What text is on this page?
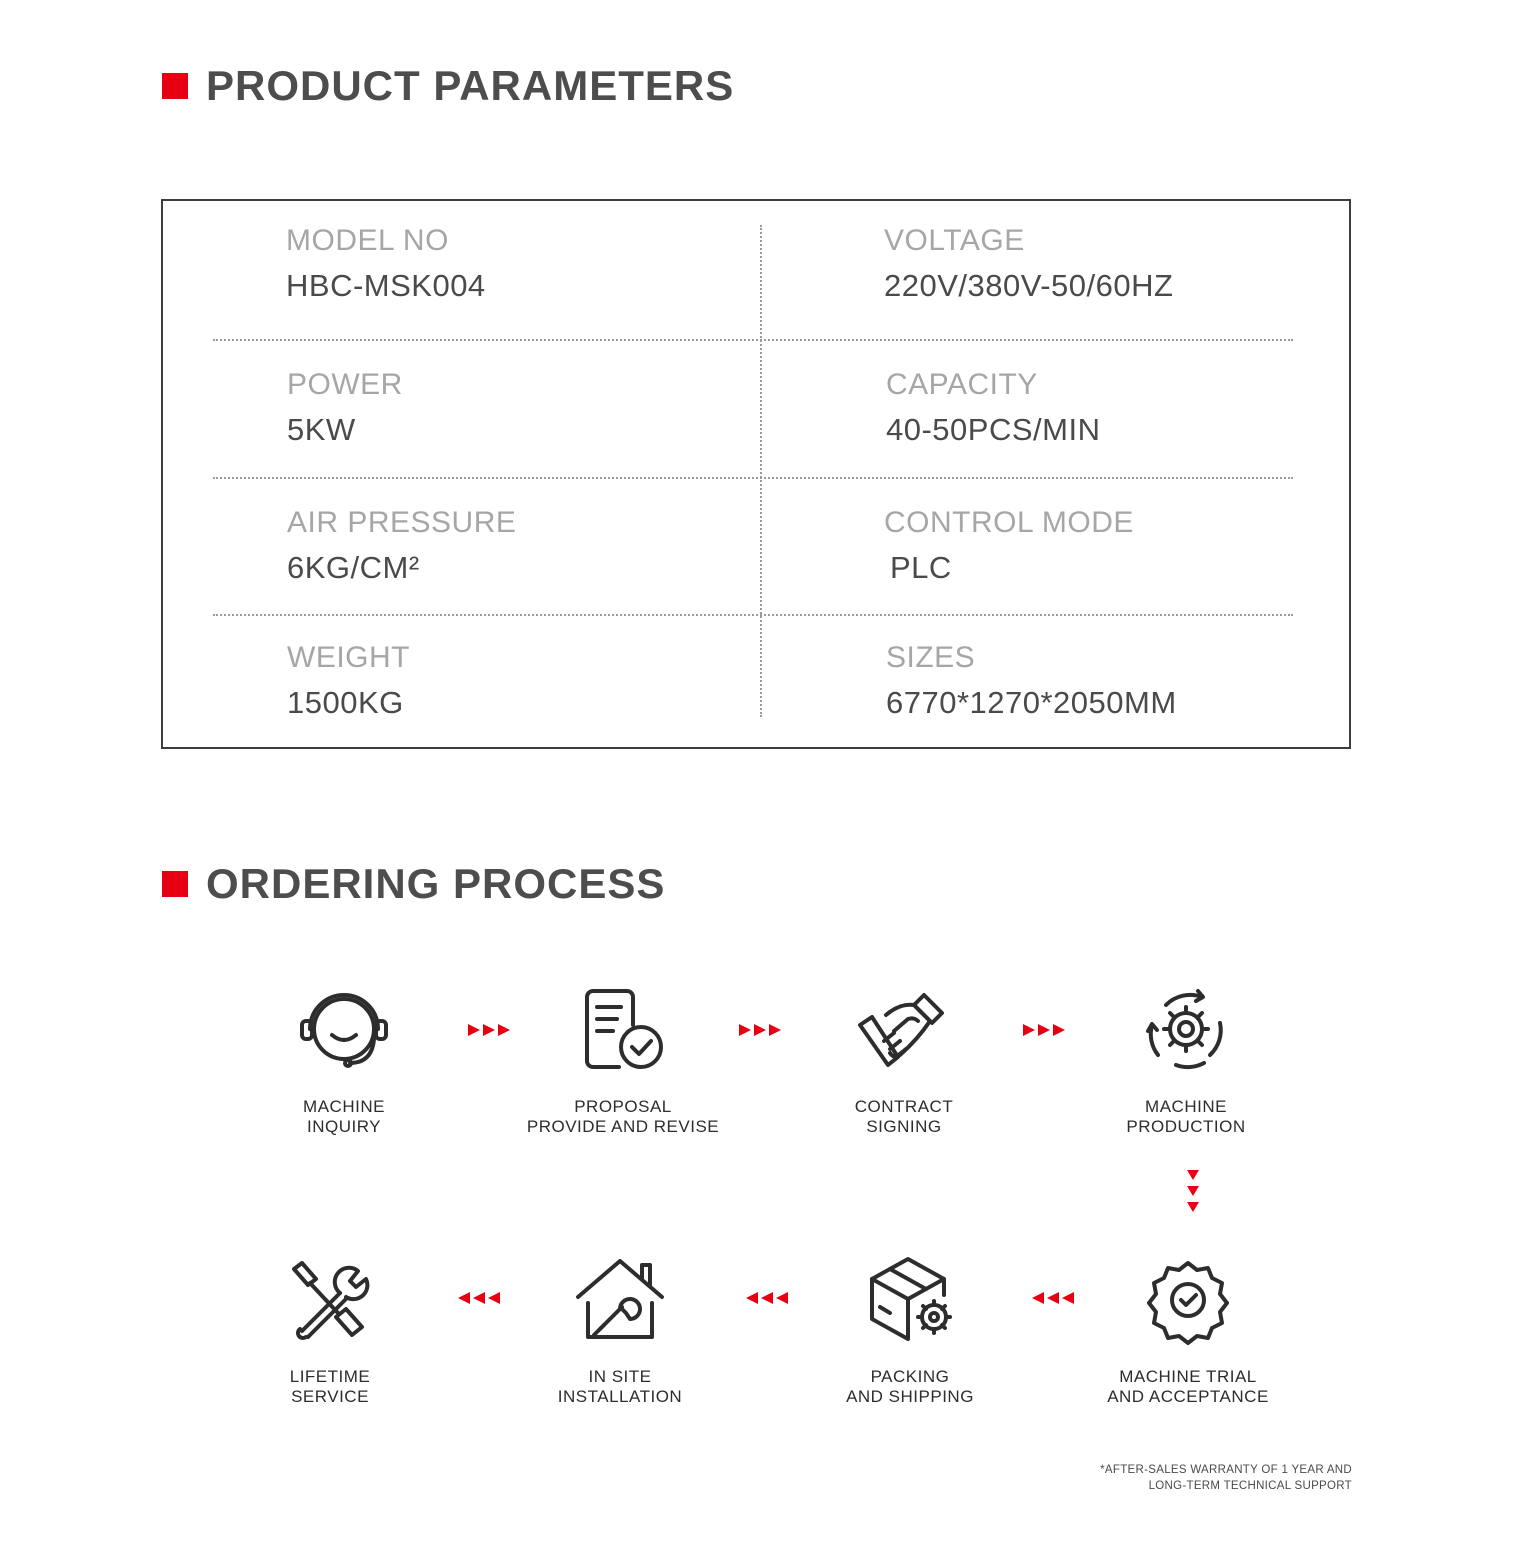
PRODUCT PARAMETERS
MODEL NO
HBC-MSK004
VOLTAGE
220V/380V-50/60HZ
POWER
5KW
CAPACITY
40-50PCS/MIN
AIR PRESSURE
6KG/CM²
CONTROL MODE
PLC
WEIGHT
1500KG
SIZES
6770*1270*2050MM
ORDERING PROCESS
MACHINE
INQUIRY
PROPOSAL
PROVIDE AND REVISE
CONTRACT
SIGNING
MACHINE
PRODUCTION
MACHINE TRIAL
AND ACCEPTANCE
PACKING
AND SHIPPING
IN SITE
INSTALLATION
LIFETIME
SERVICE
*AFTER-SALES WARRANTY OF 1 YEAR AND
LONG-TERM TECHNICAL SUPPORT
